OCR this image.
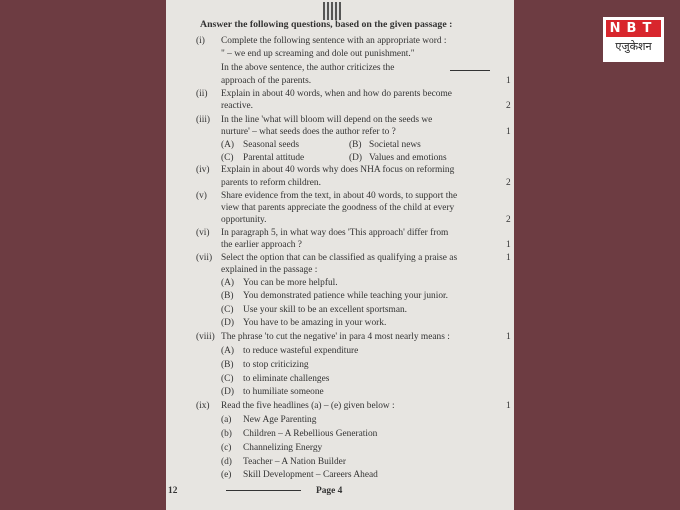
Answer the following questions, based on the given passage :
(i) Complete the following sentence with an appropriate word :
" – we end up screaming and dole out punishment."
In the above sentence, the author criticizes the
approach of the parents.	1
(ii) Explain in about 40 words, when and how do parents become
reactive.	2
(iii) In the line 'what will bloom will depend on the seeds we
nurture' – what seeds does the author refer to ?	1
(iv) Explain in about 40 words why does NHA focus on reforming
parents to reform children.	2
(v) Share evidence from the text, in about 40 words, to support the
view that parents appreciate the goodness of the child at every
opportunity.	2
(vi) In paragraph 5, in what way does 'This approach' differ from
the earlier approach ?	1
(vii) Select the option that can be classified as qualifying a praise as	1
explained in the passage :
(viii) The phrase 'to cut the negative' in para 4 most nearly means :	1
(ix) Read the five headlines (a) – (e) given below :	1
(A) You can be more helpful.
(B) You demonstrated patience while teaching your junior.
(C) Use your skill to be an excellent sportsman.
(D) You have to be amazing in your work.
(A) to reduce wasteful expenditure
(B) to stop criticizing
(C) to eliminate challenges
(D) to humiliate someone
(a) New Age Parenting
(b) Children – A Rebellious Generation
(c) Channelizing Energy
(d) Teacher – A Nation Builder
(e) Skill Development – Careers Ahead
(A) Seasonal seeds	(B) Societal news
(C) Parental attitude	(D) Values and emotions
12	Page 4
NBT
एजुकेशन
